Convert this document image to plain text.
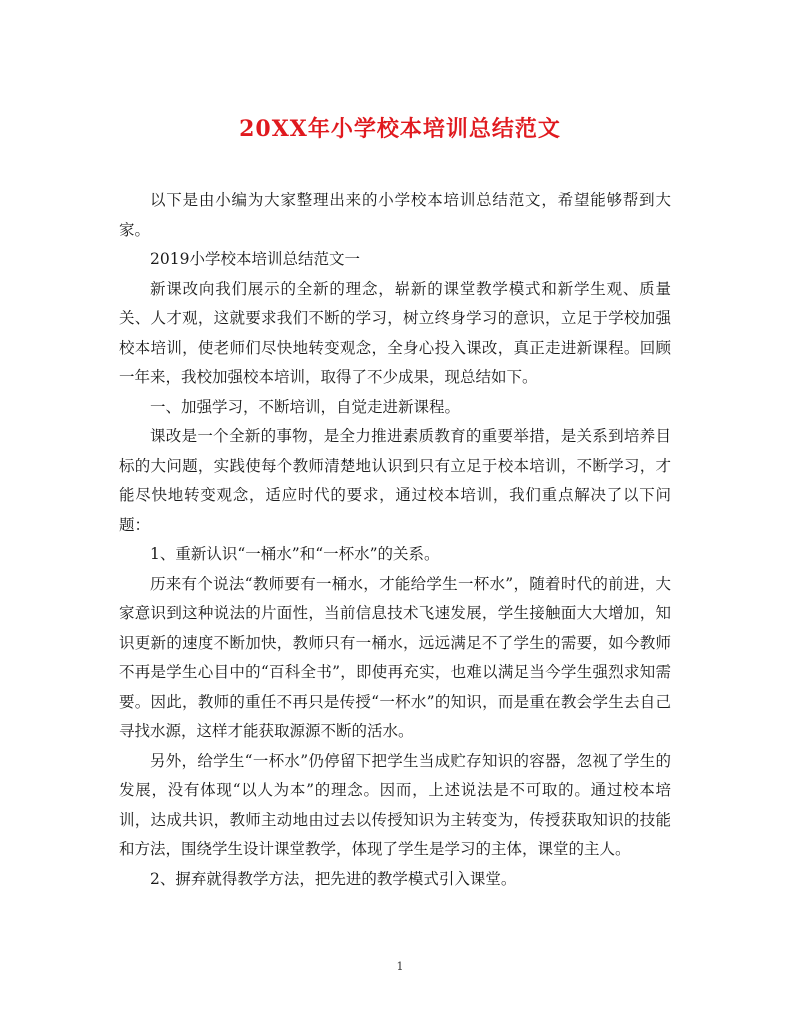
20XX年小学校本培训总结范文

以下是由小编为大家整理出来的小学校本培训总结范文，希望能够帮到大家。

2019小学校本培训总结范文一

新课改向我们展示的全新的理念，崭新的课堂教学模式和新学生观、质量关、人才观，这就要求我们不断的学习，树立终身学习的意识，立足于学校加强校本培训，使老师们尽快地转变观念，全身心投入课改，真正走进新课程。回顾一年来，我校加强校本培训，取得了不少成果，现总结如下。

一、加强学习，不断培训，自觉走进新课程。

课改是一个全新的事物，是全力推进素质教育的重要举措，是关系到培养目标的大问题，实践使每个教师清楚地认识到只有立足于校本培训，不断学习，才能尽快地转变观念，适应时代的要求，通过校本培训，我们重点解决了以下问题：

1、重新认识“一桶水”和“一杯水”的关系。

历来有个说法“教师要有一桶水，才能给学生一杯水”，随着时代的前进，大家意识到这种说法的片面性，当前信息技术飞速发展，学生接触面大大增加，知识更新的速度不断加快，教师只有一桶水，远远满足不了学生的需要，如今教师不再是学生心目中的“百科全书”，即使再充实，也难以满足当今学生强烈求知需要。因此，教师的重任不再只是传授“一杯水”的知识，而是重在教会学生去自己寻找水源，这样才能获取源源不断的活水。

另外，给学生“一杯水”仍停留下把学生当成贮存知识的容器，忽视了学生的发展，没有体现“以人为本”的理念。因而，上述说法是不可取的。通过校本培训，达成共识，教师主动地由过去以传授知识为主转变为，传授获取知识的技能和方法，围绕学生设计课堂教学，体现了学生是学习的主体，课堂的主人。

2、摒弃就得教学方法，把先进的教学模式引入课堂。

1
